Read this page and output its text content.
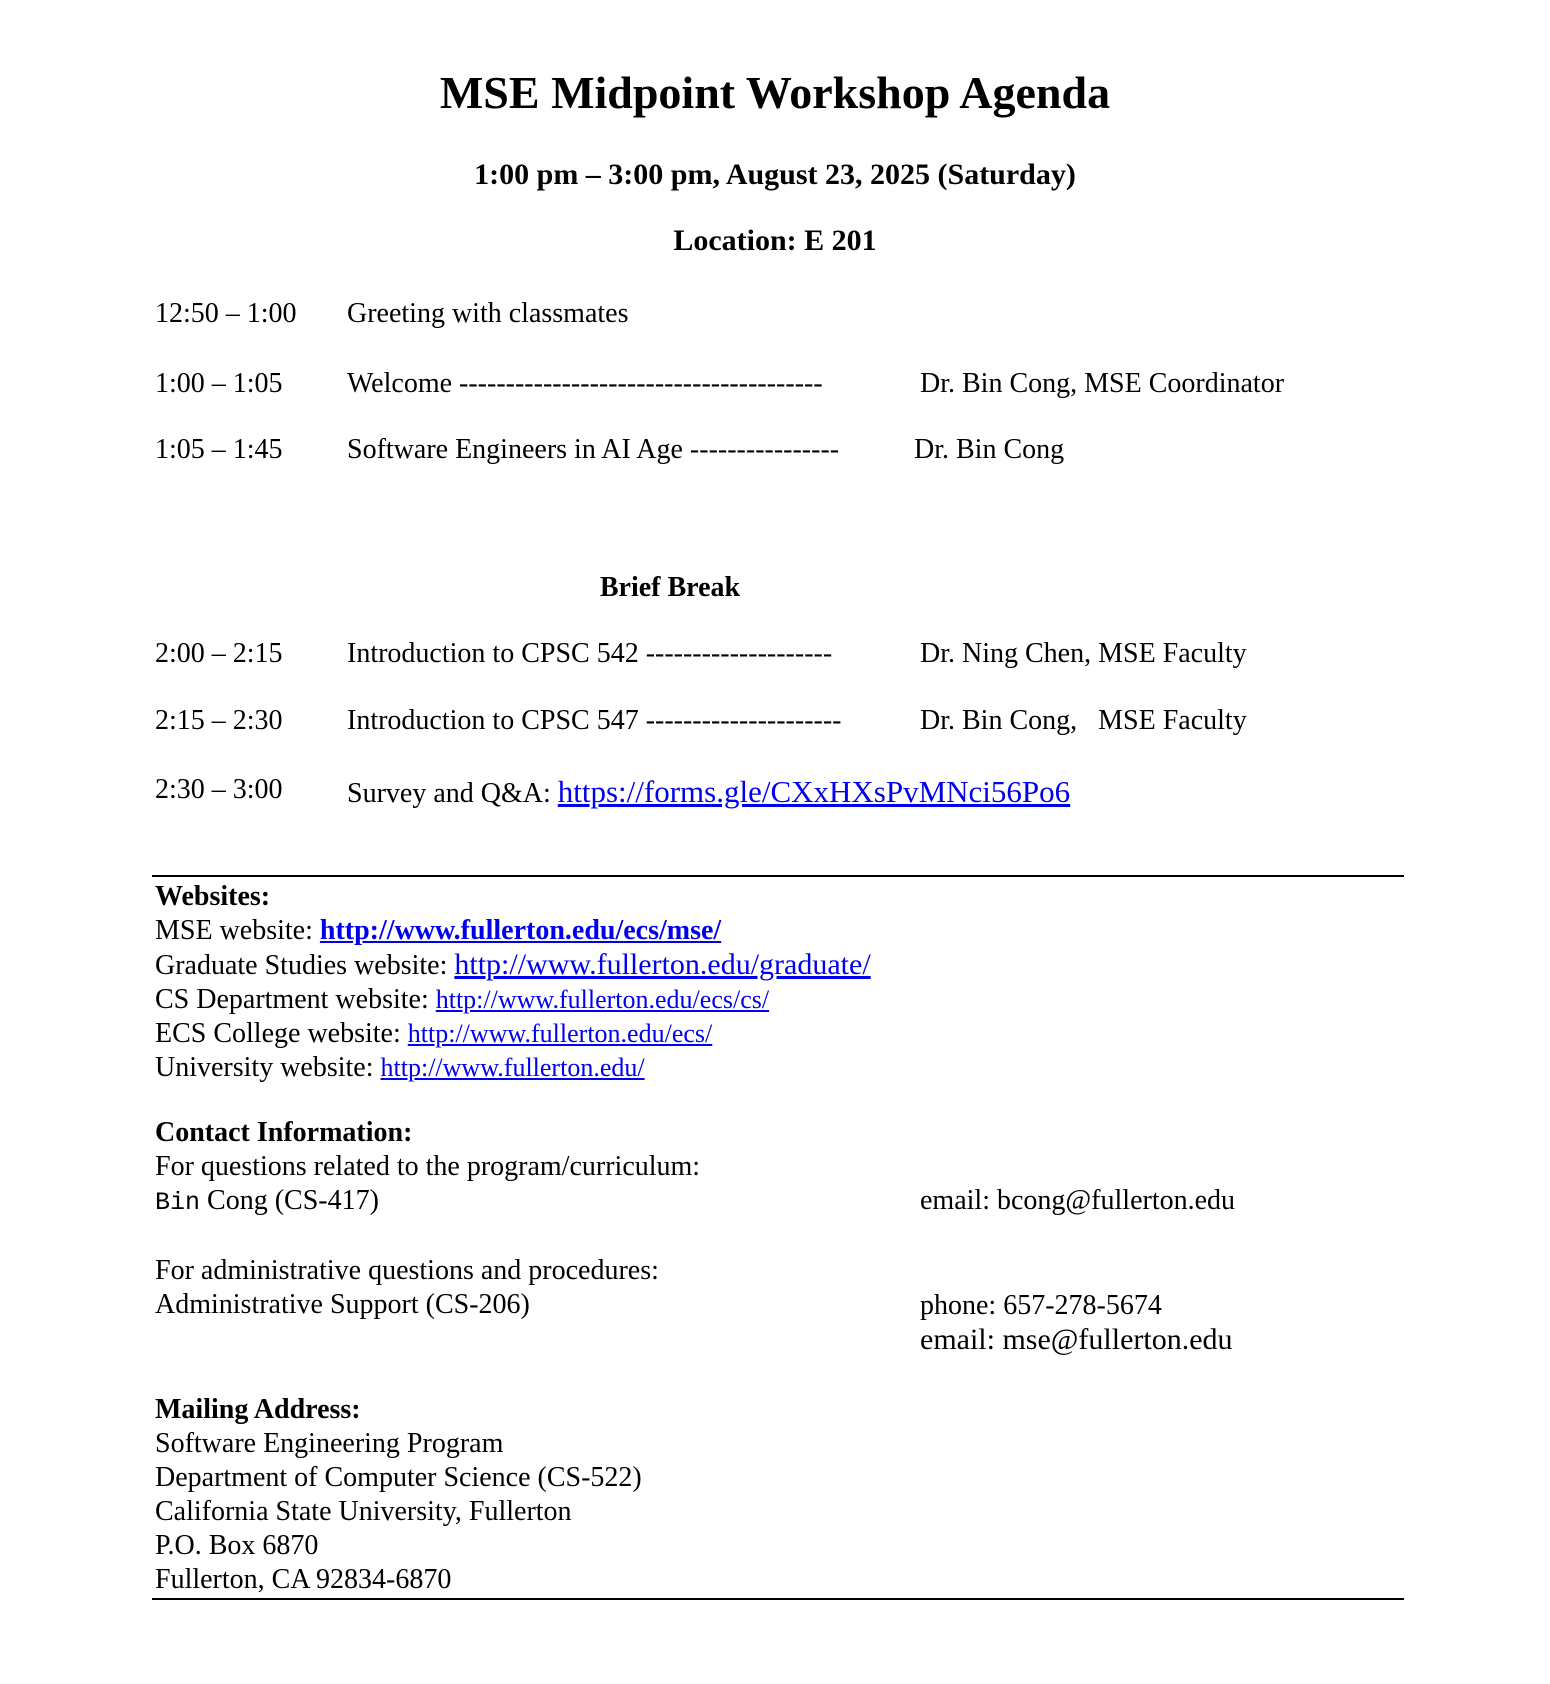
MSE Midpoint Workshop Agenda
1:00 pm – 3:00 pm, August 23, 2025 (Saturday)
Location: E 201
12:50 – 1:00 Greeting with classmates
1:00 – 1:05 Welcome ---------------------------------------	Dr. Bin Cong, MSE Coordinator
1:05 – 1:45 Software Engineers in AI Age ----------------	Dr. Bin Cong
Brief Break
2:00 – 2:15 Introduction to CPSC 542 --------------------	Dr. Ning Chen, MSE Faculty
2:15 – 2:30 Introduction to CPSC 547 ---------------------	Dr. Bin Cong,   MSE Faculty
2:30 – 3:00 Survey and Q&A: https://forms.gle/CXxHXsPvMNci56Po6
Websites:
MSE website: http://www.fullerton.edu/ecs/mse/
Graduate Studies website: http://www.fullerton.edu/graduate/
CS Department website: http://www.fullerton.edu/ecs/cs/
ECS College website: http://www.fullerton.edu/ecs/
University website: http://www.fullerton.edu/
Contact Information:
For questions related to the program/curriculum:
Bin Cong (CS-417)	email: bcong@fullerton.edu
For administrative questions and procedures:
Administrative Support (CS-206)	phone: 657-278-5674
email: mse@fullerton.edu
Mailing Address:
Software Engineering Program
Department of Computer Science (CS-522)
California State University, Fullerton
P.O. Box 6870
Fullerton, CA 92834-6870
